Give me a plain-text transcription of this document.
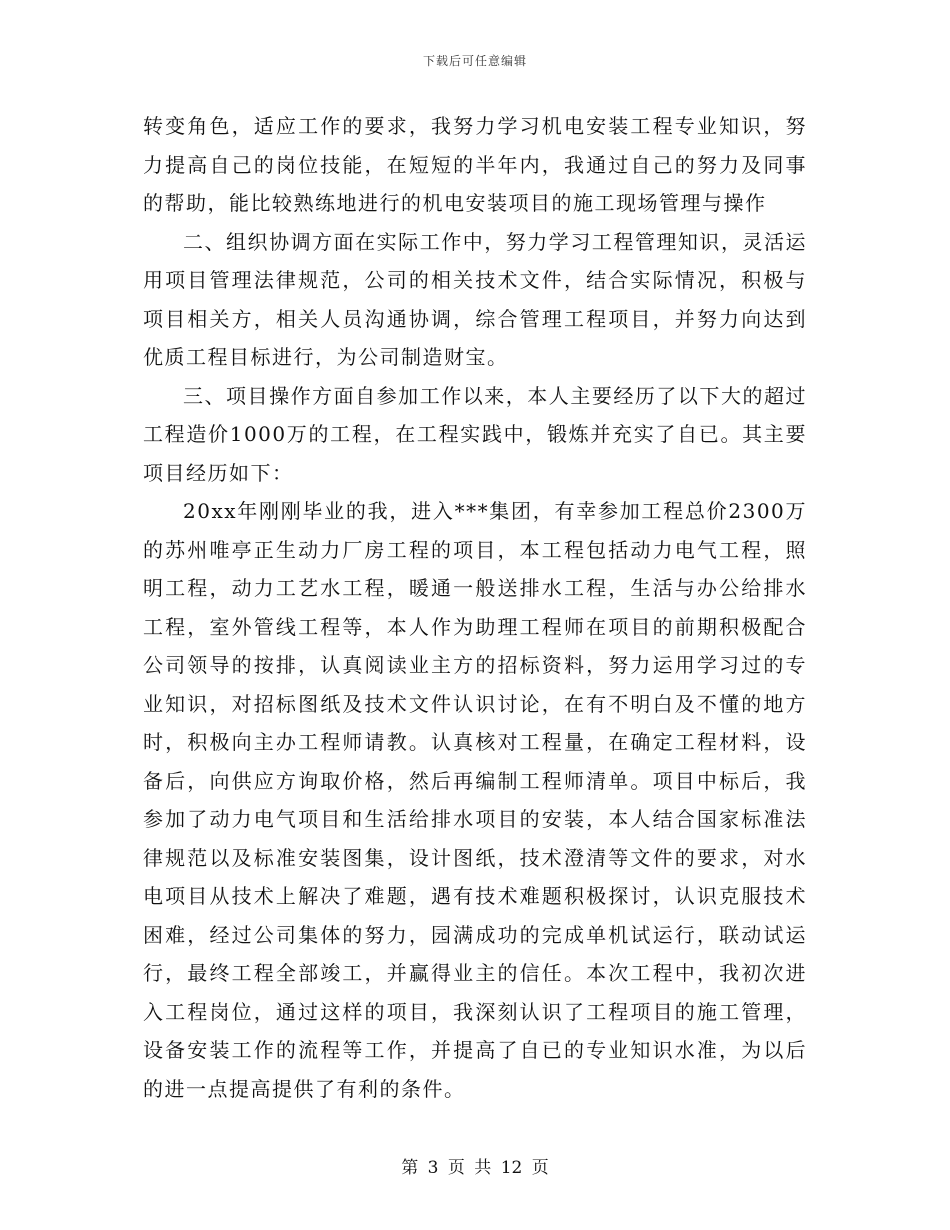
下载后可任意编辑

转变角色，适应工作的要求，我努力学习机电安装工程专业知识，努力提高自己的岗位技能，在短短的半年内，我通过自己的努力及同事的帮助，能比较熟练地进行的机电安装项目的施工现场管理与操作

二、组织协调方面在实际工作中，努力学习工程管理知识，灵活运用项目管理法律规范，公司的相关技术文件，结合实际情况，积极与项目相关方，相关人员沟通协调，综合管理工程项目，并努力向达到优质工程目标进行，为公司制造财宝。

三、项目操作方面自参加工作以来，本人主要经历了以下大的超过工程造价1000万的工程，在工程实践中，锻炼并充实了自已。其主要项目经历如下：

20xx年刚刚毕业的我，进入***集团，有幸参加工程总价2300万的苏州唯亭正生动力厂房工程的项目，本工程包括动力电气工程，照明工程，动力工艺水工程，暖通一般送排水工程，生活与办公给排水工程，室外管线工程等，本人作为助理工程师在项目的前期积极配合公司领导的按排，认真阅读业主方的招标资料，努力运用学习过的专业知识，对招标图纸及技术文件认识讨论，在有不明白及不懂的地方时，积极向主办工程师请教。认真核对工程量，在确定工程材料，设备后，向供应方询取价格，然后再编制工程师清单。项目中标后，我参加了动力电气项目和生活给排水项目的安装，本人结合国家标准法律规范以及标准安装图集，设计图纸，技术澄清等文件的要求，对水电项目从技术上解决了难题，遇有技术难题积极探讨，认识克服技术困难，经过公司集体的努力，园满成功的完成单机试运行，联动试运行，最终工程全部竣工，并赢得业主的信任。本次工程中，我初次进入工程岗位，通过这样的项目，我深刻认识了工程项目的施工管理，设备安装工作的流程等工作，并提高了自已的专业知识水准，为以后的进一点提高提供了有利的条件。

第 3 页 共 12 页
